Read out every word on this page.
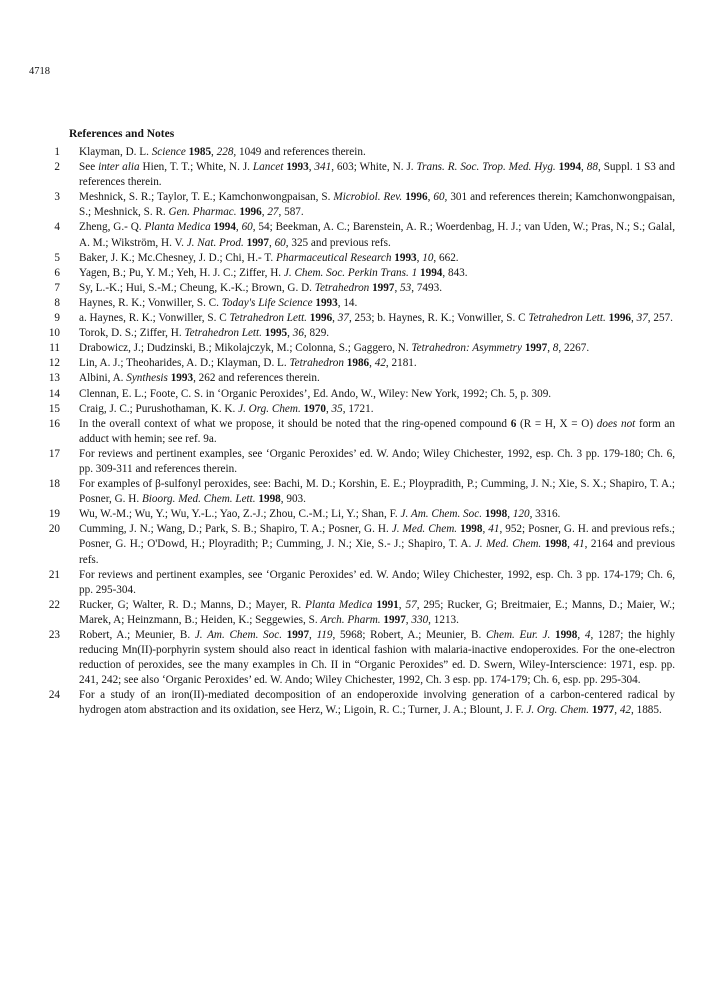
4718
References and Notes
1 Klayman, D. L. Science 1985, 228, 1049 and references therein.
2 See inter alia Hien, T. T.; White, N. J. Lancet 1993, 341, 603; White, N. J. Trans. R. Soc. Trop. Med. Hyg. 1994, 88, Suppl. 1 S3 and references therein.
3 Meshnick, S. R.; Taylor, T. E.; Kamchonwongpaisan, S. Microbiol. Rev. 1996, 60, 301 and references therein; Kamchonwongpaisan, S.; Meshnick, S. R. Gen. Pharmac. 1996, 27, 587.
4 Zheng, G.- Q. Planta Medica 1994, 60, 54; Beekman, A. C.; Barenstein, A. R.; Woerdenbag, H. J.; van Uden, W.; Pras, N.; S.; Galal, A. M.; Wikström, H. V. J. Nat. Prod. 1997, 60, 325 and previous refs.
5 Baker, J. K.; Mc.Chesney, J. D.; Chi, H.- T. Pharmaceutical Research 1993, 10, 662.
6 Yagen, B.; Pu, Y. M.; Yeh, H. J. C.; Ziffer, H. J. Chem. Soc. Perkin Trans. 1 1994, 843.
7 Sy, L.-K.; Hui, S.-M.; Cheung, K.-K.; Brown, G. D. Tetrahedron 1997, 53, 7493.
8 Haynes, R. K.; Vonwiller, S. C. Today's Life Science 1993, 14.
9 a. Haynes, R. K.; Vonwiller, S. C Tetrahedron Lett. 1996, 37, 253; b. Haynes, R. K.; Vonwiller, S. C Tetrahedron Lett. 1996, 37, 257.
10 Torok, D. S.; Ziffer, H. Tetrahedron Lett. 1995, 36, 829.
11 Drabowicz, J.; Dudzinski, B.; Mikolajczyk, M.; Colonna, S.; Gaggero, N. Tetrahedron: Asymmetry 1997, 8, 2267.
12 Lin, A. J.; Theoharides, A. D.; Klayman, D. L. Tetrahedron 1986, 42, 2181.
13 Albini, A. Synthesis 1993, 262 and references therein.
14 Clennan, E. L.; Foote, C. S. in ‘Organic Peroxides’, Ed. Ando, W., Wiley: New York, 1992; Ch. 5, p. 309.
15 Craig, J. C.; Purushothaman, K. K. J. Org. Chem. 1970, 35, 1721.
16 In the overall context of what we propose, it should be noted that the ring-opened compound 6 (R = H, X = O) does not form an adduct with hemin; see ref. 9a.
17 For reviews and pertinent examples, see ‘Organic Peroxides’ ed. W. Ando; Wiley Chichester, 1992, esp. Ch. 3 pp. 179-180; Ch. 6, pp. 309-311 and references therein.
18 For examples of β-sulfonyl peroxides, see: Bachi, M. D.; Korshin, E. E.; Ploypradith, P.; Cumming, J. N.; Xie, S. X.; Shapiro, T. A.; Posner, G. H. Bioorg. Med. Chem. Lett. 1998, 903.
19 Wu, W.-M.; Wu, Y.; Wu, Y.-L.; Yao, Z.-J.; Zhou, C.-M.; Li, Y.; Shan, F. J. Am. Chem. Soc. 1998, 120, 3316.
20 Cumming, J. N.; Wang, D.; Park, S. B.; Shapiro, T. A.; Posner, G. H. J. Med. Chem. 1998, 41, 952; Posner, G. H. and previous refs.; Posner, G. H.; O'Dowd, H.; Ployradith; P.; Cumming, J. N.; Xie, S.- J.; Shapiro, T. A. J. Med. Chem. 1998, 41, 2164 and previous refs.
21 For reviews and pertinent examples, see ‘Organic Peroxides’ ed. W. Ando; Wiley Chichester, 1992, esp. Ch. 3 pp. 174-179; Ch. 6, pp. 295-304.
22 Rucker, G; Walter, R. D.; Manns, D.; Mayer, R. Planta Medica 1991, 57, 295; Rucker, G; Breitmaier, E.; Manns, D.; Maier, W.; Marek, A; Heinzmann, B.; Heiden, K.; Seggewies, S. Arch. Pharm. 1997, 330, 1213.
23 Robert, A.; Meunier, B. J. Am. Chem. Soc. 1997, 119, 5968; Robert, A.; Meunier, B. Chem. Eur. J. 1998, 4, 1287; the highly reducing Mn(II)-porphyrin system should also react in identical fashion with malaria-inactive endoperoxides. For the one-electron reduction of peroxides, see the many examples in Ch. II in “Organic Peroxides” ed. D. Swern, Wiley-Interscience: 1971, esp. pp. 241, 242; see also ‘Organic Peroxides’ ed. W. Ando; Wiley Chichester, 1992, Ch. 3 esp. pp. 174-179; Ch. 6, esp. pp. 295-304.
24 For a study of an iron(II)-mediated decomposition of an endoperoxide involving generation of a carbon-centered radical by hydrogen atom abstraction and its oxidation, see Herz, W.; Ligoin, R. C.; Turner, J. A.; Blount, J. F. J. Org. Chem. 1977, 42, 1885.
